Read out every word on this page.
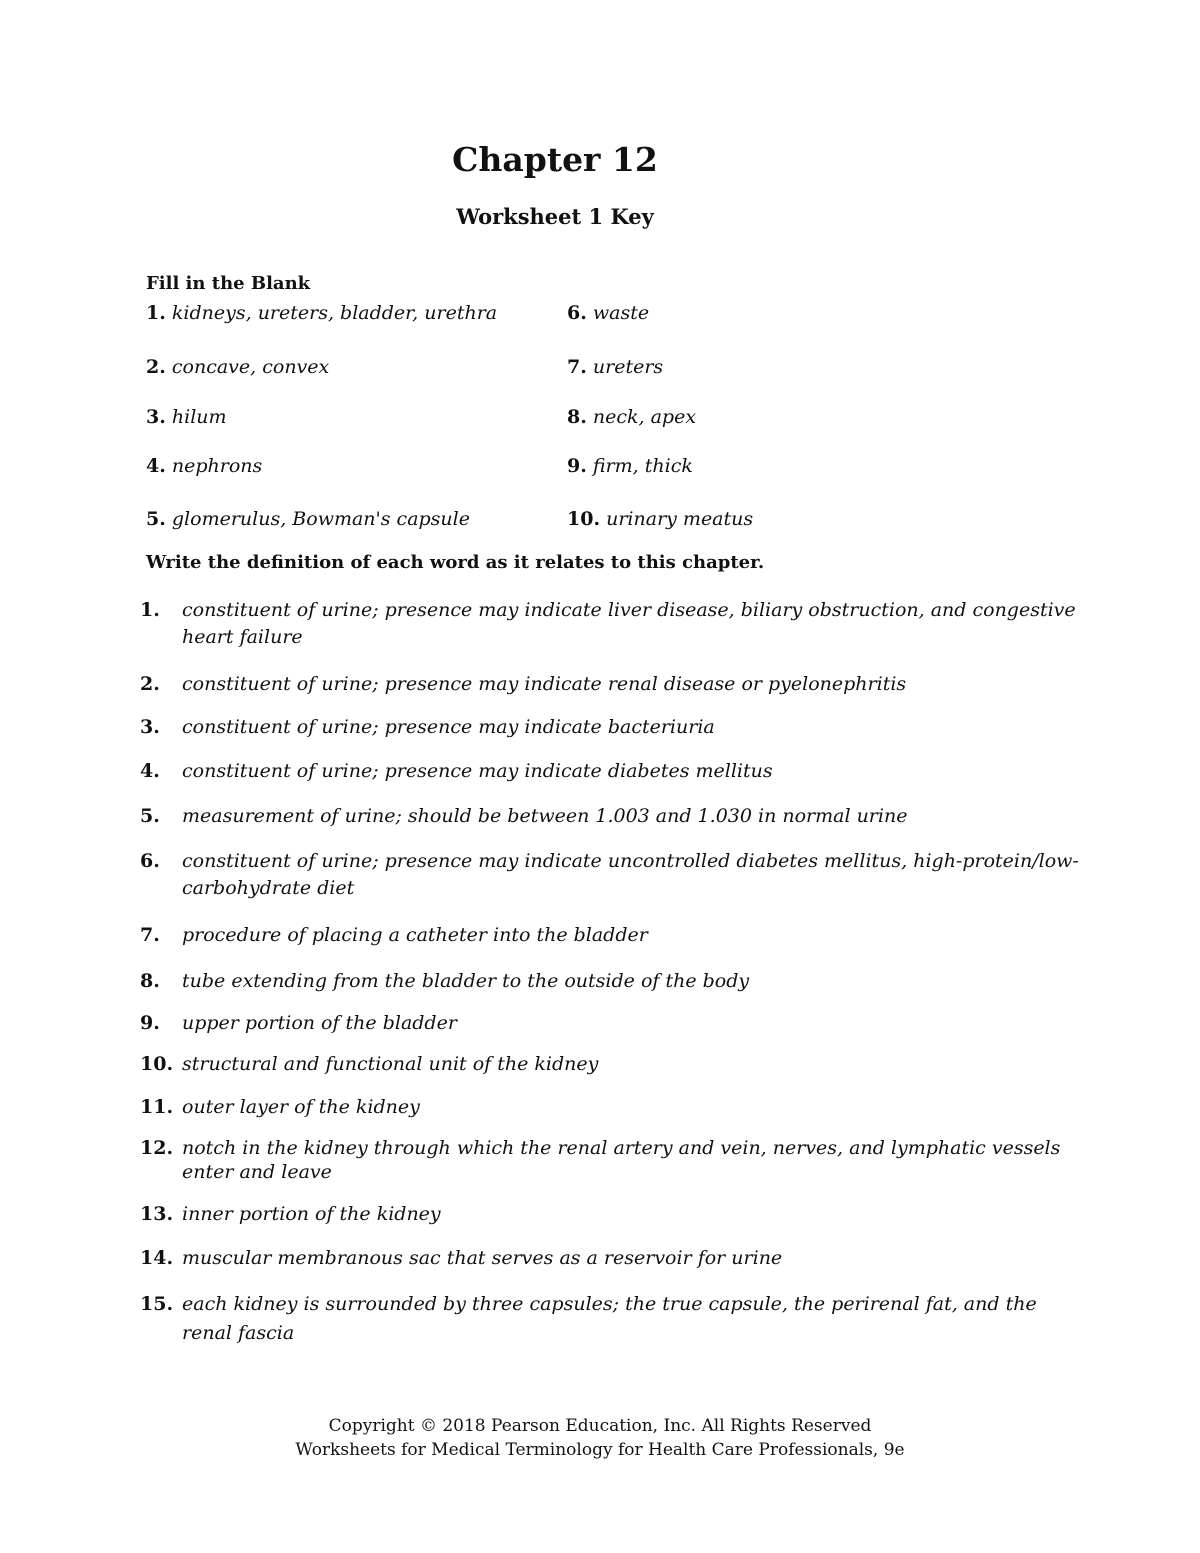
Chapter 12
Worksheet 1 Key
Fill in the Blank
1. kidneys, ureters, bladder, urethra
2. concave, convex
3. hilum
4. nephrons
5. glomerulus, Bowman's capsule
6. waste
7. ureters
8. neck, apex
9. firm, thick
10. urinary meatus
Write the definition of each word as it relates to this chapter.
1. constituent of urine; presence may indicate liver disease, biliary obstruction, and congestive heart failure
2. constituent of urine; presence may indicate renal disease or pyelonephritis
3. constituent of urine; presence may indicate bacteriuria
4. constituent of urine; presence may indicate diabetes mellitus
5. measurement of urine; should be between 1.003 and 1.030 in normal urine
6. constituent of urine; presence may indicate uncontrolled diabetes mellitus, high-protein/low-carbohydrate diet
7. procedure of placing a catheter into the bladder
8. tube extending from the bladder to the outside of the body
9. upper portion of the bladder
10. structural and functional unit of the kidney
11. outer layer of the kidney
12. notch in the kidney through which the renal artery and vein, nerves, and lymphatic vessels enter and leave
13. inner portion of the kidney
14. muscular membranous sac that serves as a reservoir for urine
15. each kidney is surrounded by three capsules; the true capsule, the perirenal fat, and the renal fascia
Copyright © 2018 Pearson Education, Inc. All Rights Reserved
Worksheets for Medical Terminology for Health Care Professionals, 9e
